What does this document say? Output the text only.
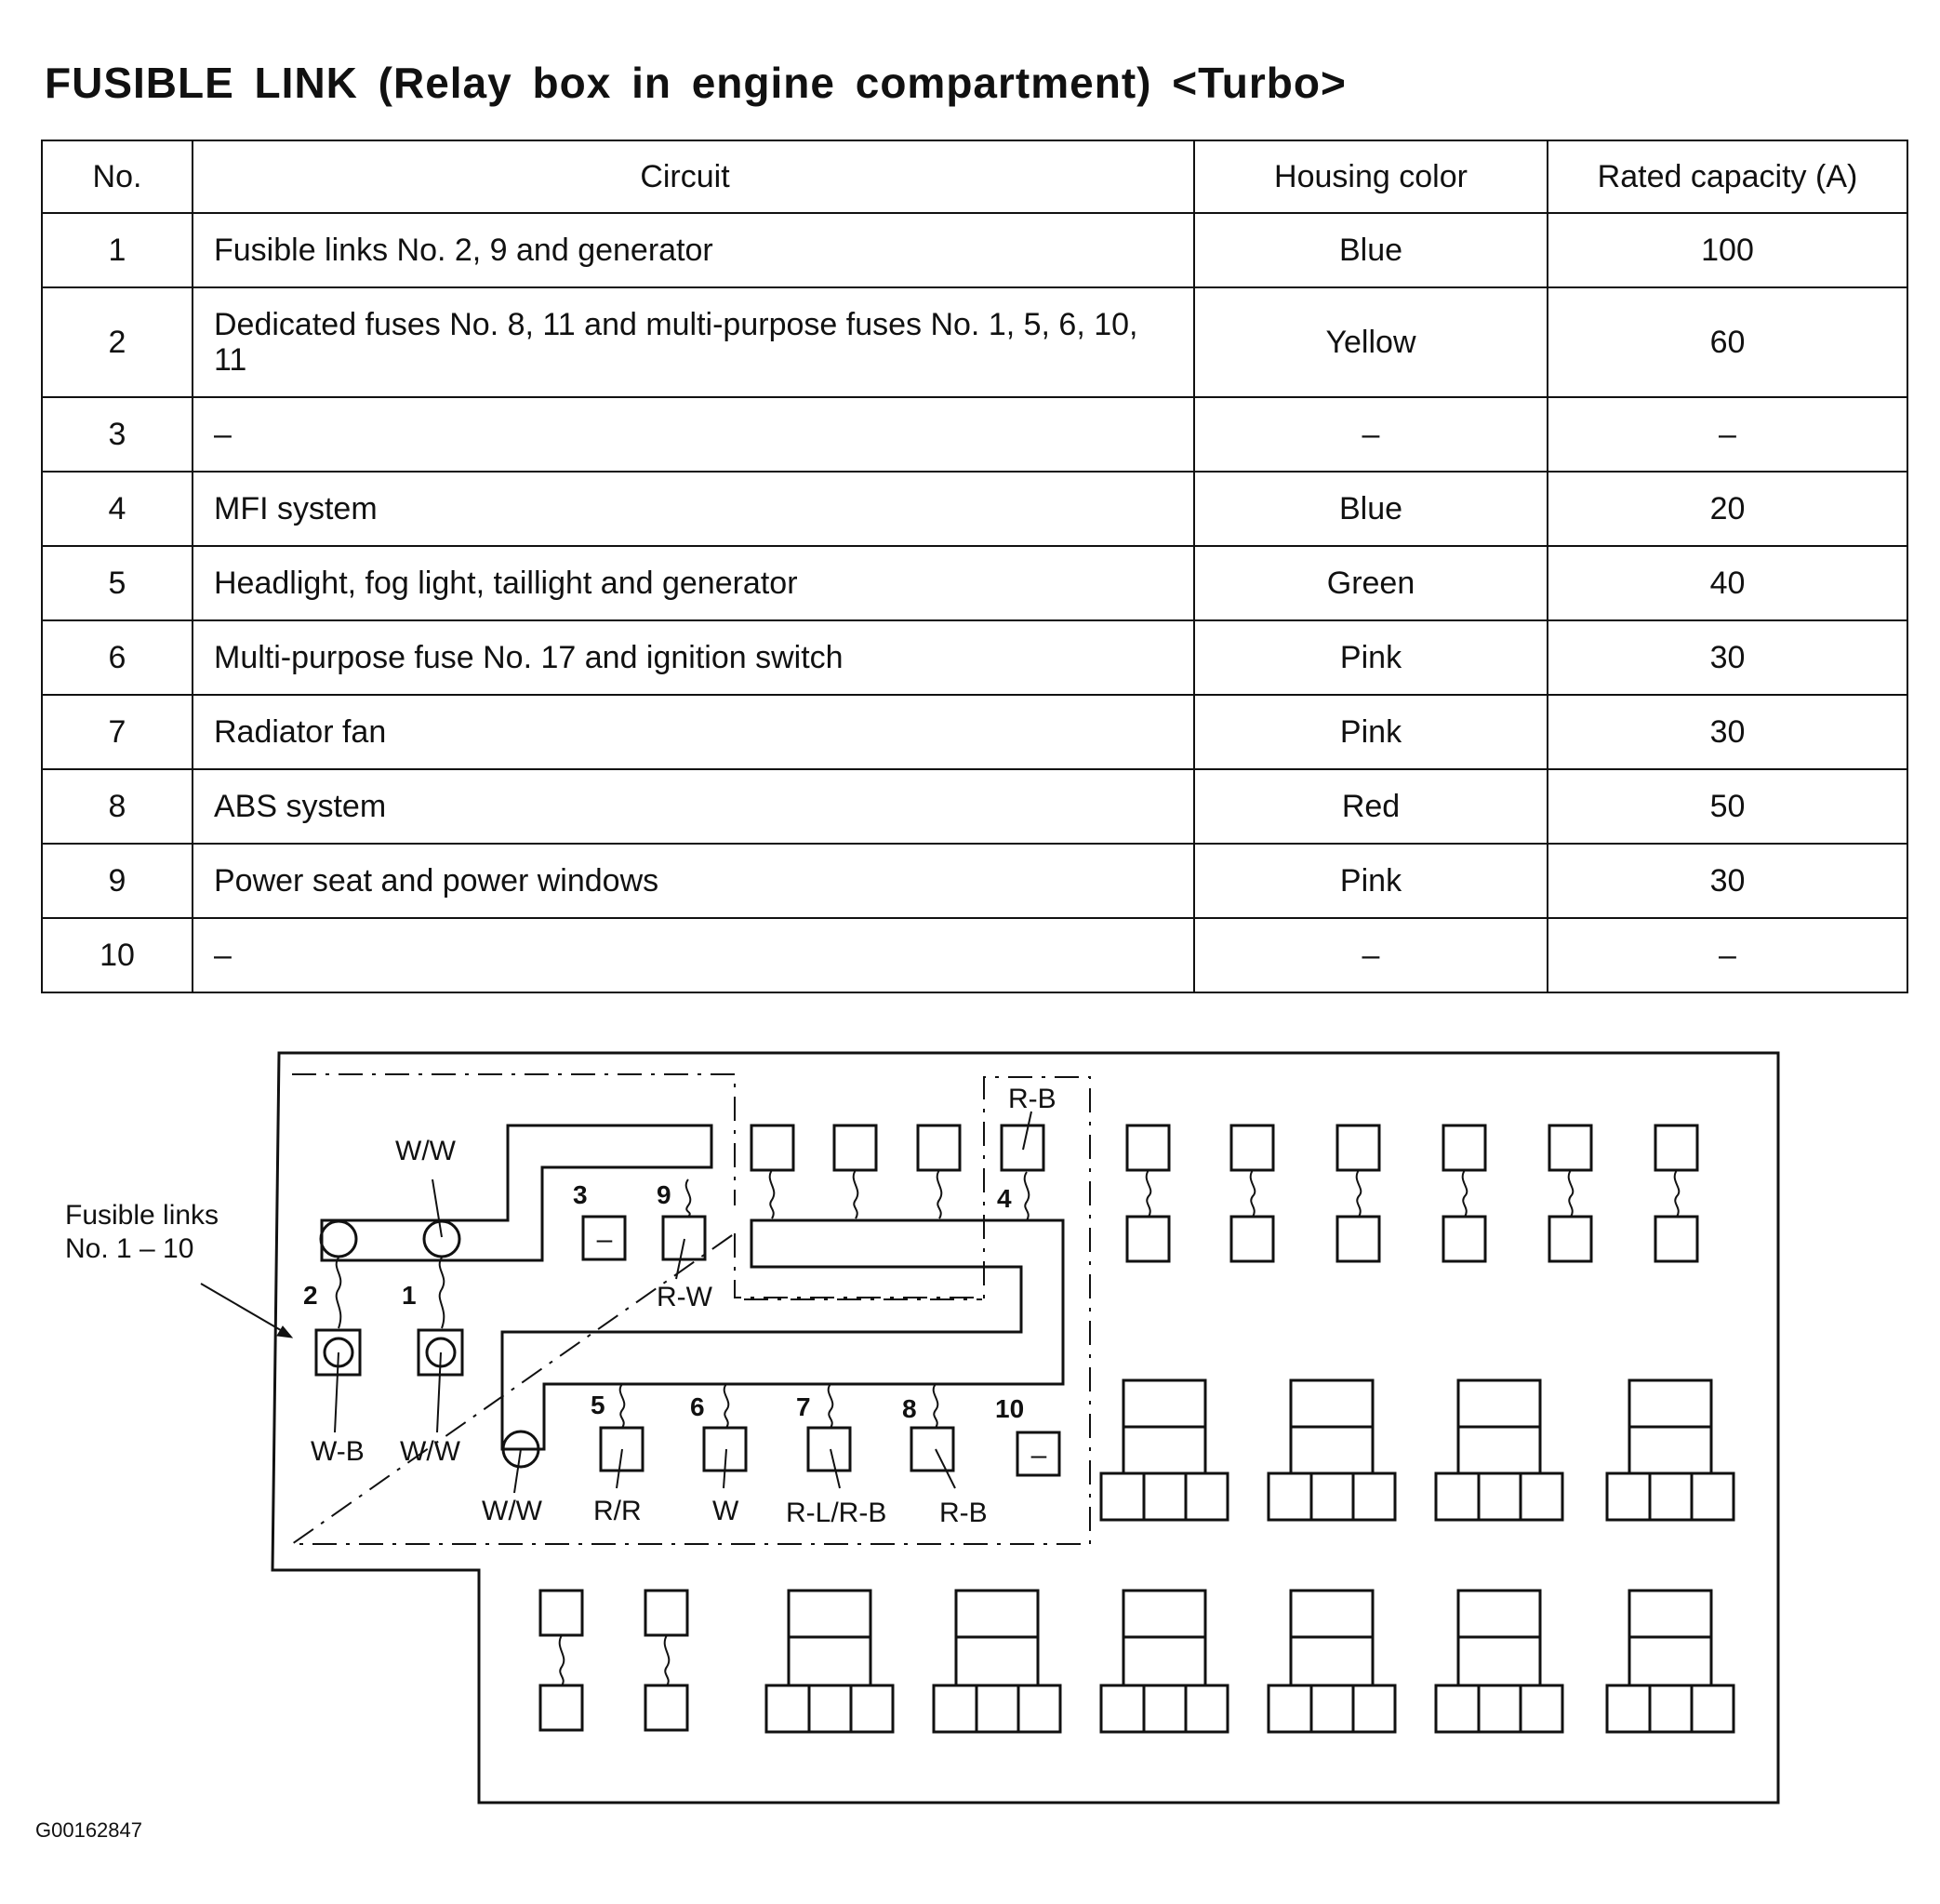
FUSIBLE LINK (Relay box in engine compartment) <Turbo>
No.	Circuit	Housing color	Rated capacity (A)
1	Fusible links No. 2, 9 and generator	Blue	100
2	Dedicated fuses No. 8, 11 and multi-purpose fuses No. 1, 5, 6, 10, 11	Yellow	60
3	–	–	–
4	MFI system	Blue	20
5	Headlight, fog light, taillight and generator	Green	40
6	Multi-purpose fuse No. 17 and ignition switch	Pink	30
7	Radiator fan	Pink	30
8	ABS system	Red	50
9	Power seat and power windows	Pink	30
10	–	–	–
–
–
Fusible links
No. 1 – 10
2	1
3	9	4
5	6	7	8	10
W/W
R-B
R-W
W-B W/W
W/W R/R	W R-L/R-B R-B
G00162847
